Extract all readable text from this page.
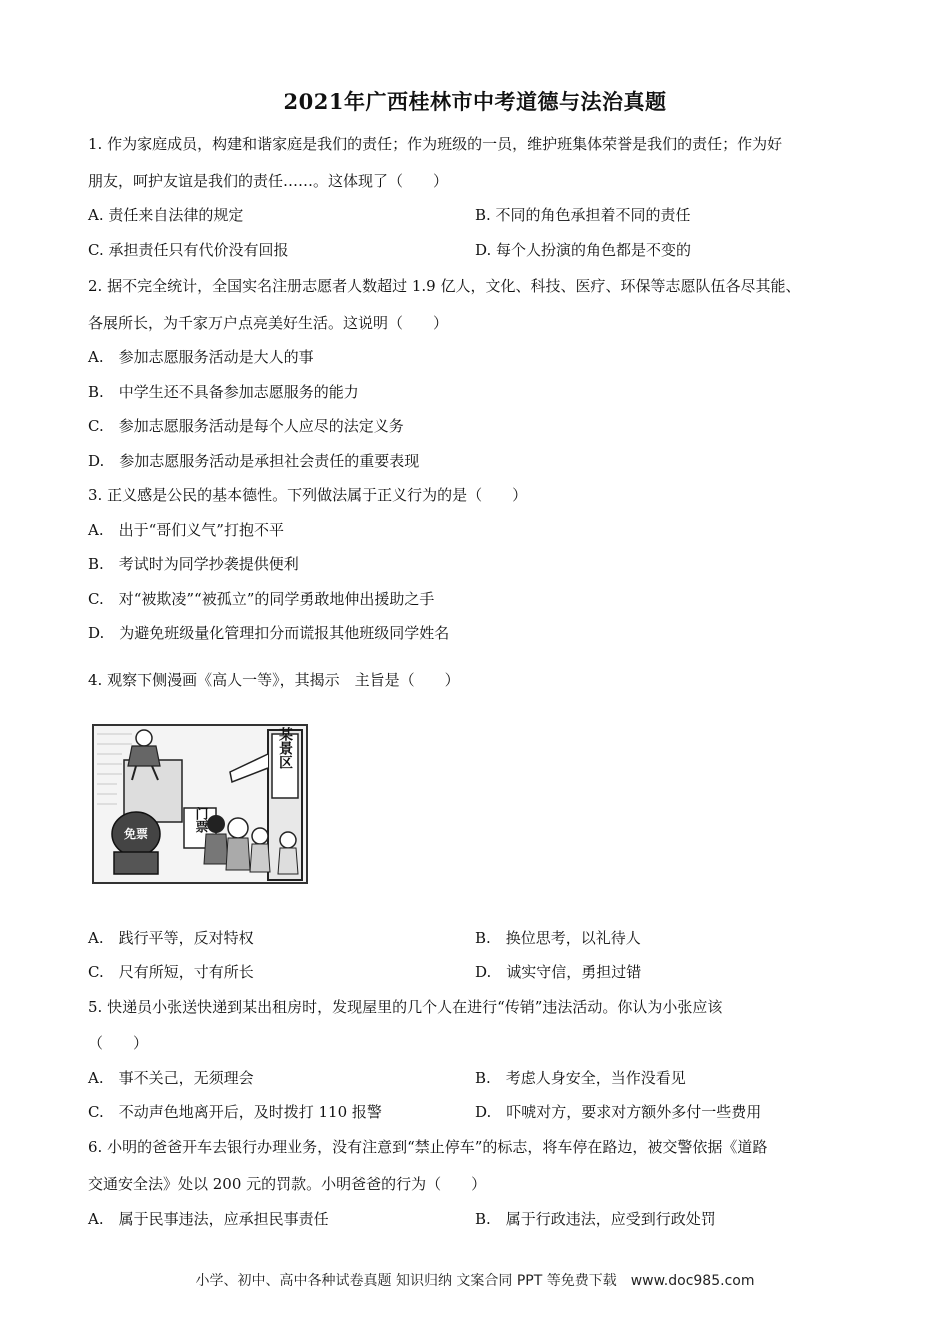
2021年广西桂林市中考道德与法治真题
1. 作为家庭成员，构建和谐家庭是我们的责任；作为班级的一员，维护班集体荣誉是我们的责任；作为好
朋友，呵护友谊是我们的责任……。这体现了（　　）
A. 责任来自法律的规定	B. 不同的角色承担着不同的责任
C. 承担责任只有代价没有回报	D. 每个人扮演的角色都是不变的
2. 据不完全统计，全国实名注册志愿者人数超过 1.9 亿人，文化、科技、医疗、环保等志愿队伍各尽其能、
各展所长，为千家万户点亮美好生活。这说明（　　）
A.　参加志愿服务活动是大人的事
B.　中学生还不具备参加志愿服务的能力
C.　参加志愿服务活动是每个人应尽的法定义务
D.　参加志愿服务活动是承担社会责任的重要表现
3. 正义感是公民的基本德性。下列做法属于正义行为的是（　　）
A.　出于“哥们义气”打抱不平
B.　考试时为同学抄袭提供便利
C.　对“被欺凌”“被孤立”的同学勇敢地伸出援助之手
D.　为避免班级量化管理扣分而谎报其他班级同学姓名
4. 观察下侧漫画《高人一等》，其揭示　主旨是（　　）
某景区
门票
免票
A.　践行平等，反对特权	B.　换位思考，以礼待人
C.　尺有所短，寸有所长	D.　诚实守信，勇担过错
5. 快递员小张送快递到某出租房时，发现屋里的几个人在进行“传销”违法活动。你认为小张应该
（　　）
A.　事不关己，无须理会	B.　考虑人身安全，当作没看见
C.　不动声色地离开后，及时拨打 110 报警	D.　吓唬对方，要求对方额外多付一些费用
6. 小明的爸爸开车去银行办理业务，没有注意到“禁止停车”的标志，将车停在路边，被交警依据《道路
交通安全法》处以 200 元的罚款。小明爸爸的行为（　　）
A.　属于民事违法，应承担民事责任	B.　属于行政违法，应受到行政处罚
小学、初中、高中各种试卷真题 知识归纳 文案合同 PPT 等免费下载　www.doc985.com
